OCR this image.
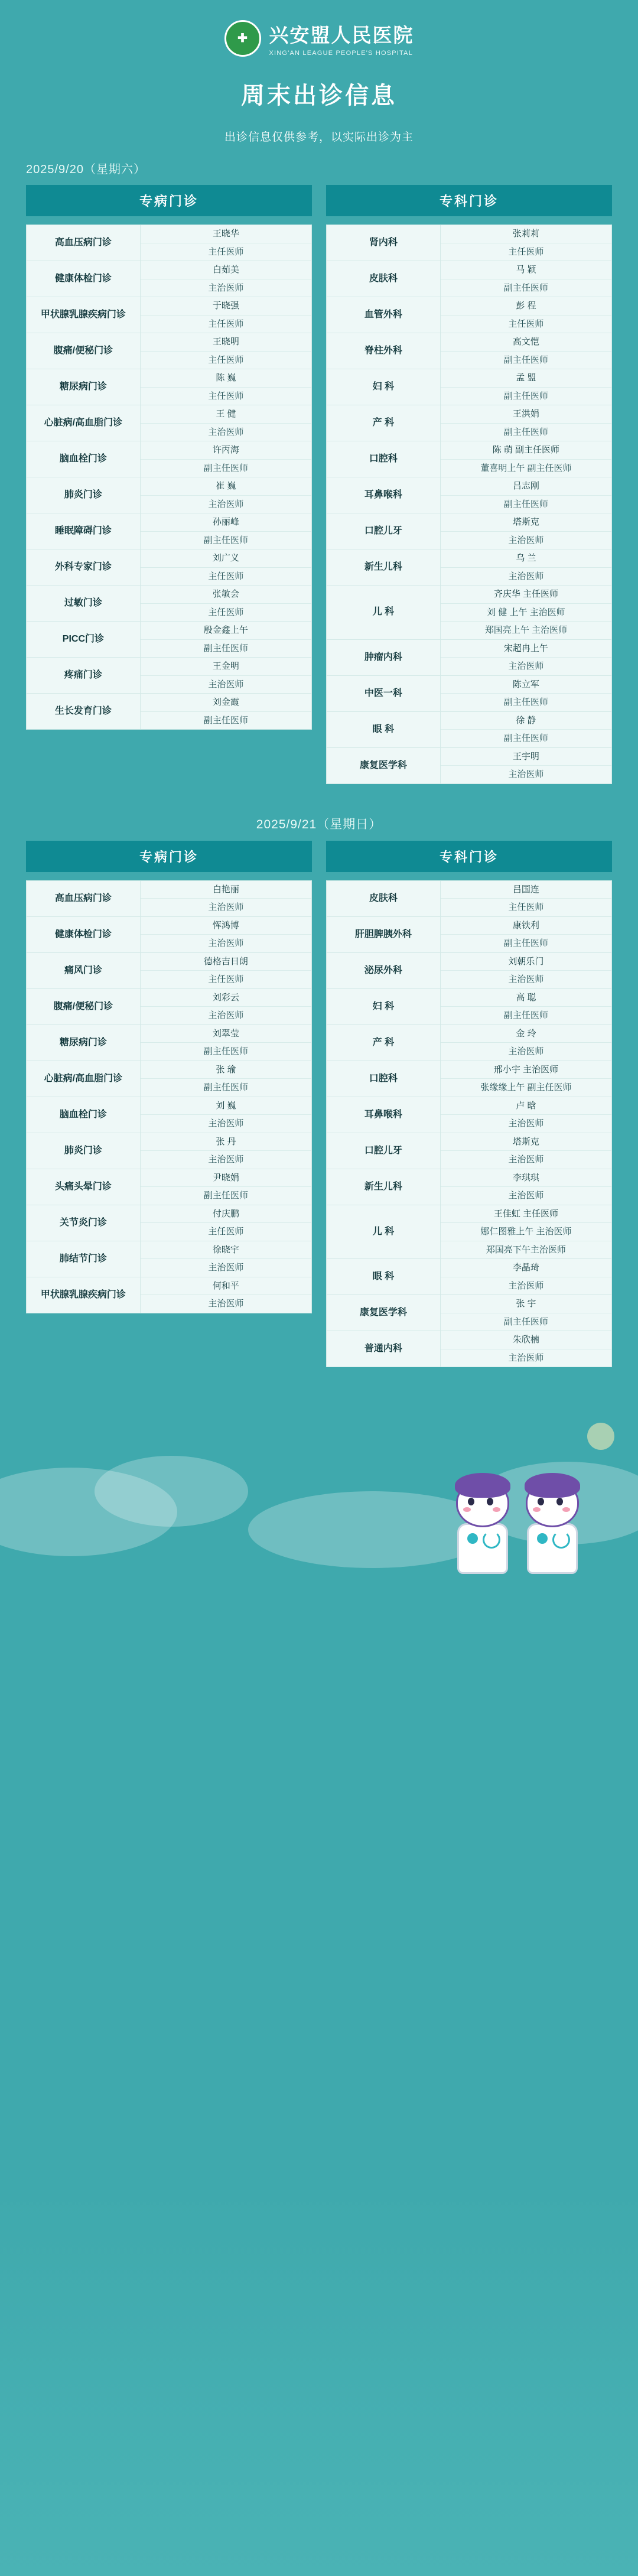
✚ 兴安盟人民医院
XING'AN LEAGUE PEOPLE'S HOSPITAL
周末出诊信息
出诊信息仅供参考，以实际出诊为主
2025/9/20（星期六）
专病门诊	专科门诊
高血压病门诊
王晓华
主任医师
健康体检门诊
白茹美
主治医师
甲状腺乳腺疾病门诊
于晓强
主任医师
腹痛/便秘门诊
王晓明
主任医师
糖尿病门诊
陈 巍
主任医师
心脏病/高血脂门诊
王 健
主治医师
脑血栓门诊
许丙海
副主任医师
肺炎门诊
崔 巍
主治医师
睡眠障碍门诊
孙丽峰
副主任医师
外科专家门诊
刘广义
主任医师
过敏门诊
张敏会
主任医师
PICC门诊
殷金鑫上午
副主任医师
疼痛门诊
王金明
主治医师
生长发育门诊
刘金霞
副主任医师
肾内科
张莉莉
主任医师
皮肤科
马 颖
副主任医师
血管外科
彭 程
主任医师
脊柱外科
高文恺
副主任医师
妇 科
孟 盟
副主任医师
产 科
王洪娟
副主任医师
口腔科
陈 萌 副主任医师
董喜明上午 副主任医师
耳鼻喉科
吕志刚
副主任医师
口腔儿牙
塔斯克
主治医师
新生儿科
乌 兰
主治医师
儿 科
齐庆华 主任医师
刘 健 上午 主治医师
郑国亮上午 主治医师
肿瘤内科
宋超冉上午
主治医师
中医一科
陈立军
副主任医师
眼 科
徐 静
副主任医师
康复医学科
王宇明
主治医师
2025/9/21（星期日）
专病门诊	专科门诊
高血压病门诊
白艳丽
主治医师
健康体检门诊
恽鸿博
主治医师
痛风门诊
德格吉日朗
主任医师
腹痛/便秘门诊
刘彩云
主治医师
糖尿病门诊
刘翠莹
副主任医师
心脏病/高血脂门诊
张 瑜
副主任医师
脑血栓门诊
刘 巍
主治医师
肺炎门诊
张 丹
主治医师
头痛头晕门诊
尹晓娟
副主任医师
关节炎门诊
付庆鹏
主任医师
肺结节门诊
徐晓宇
主治医师
甲状腺乳腺疾病门诊
何和平
主治医师
皮肤科
吕国连
主任医师
肝胆脾胰外科
康铁利
副主任医师
泌尿外科
刘朝乐门
主治医师
妇 科
高 聪
副主任医师
产 科
金 玲
主治医师
口腔科
邢小宇 主治医师
张缘缘上午 副主任医师
耳鼻喉科
卢 晗
主治医师
口腔儿牙
塔斯克
主治医师
新生儿科
李琪琪
主治医师
儿 科
王佳虹 主任医师
娜仁图雅上午 主治医师
郑国亮下午主治医师
眼 科
李晶琦
主治医师
康复医学科
张 宇
副主任医师
普通内科
朱欣楠
主治医师
